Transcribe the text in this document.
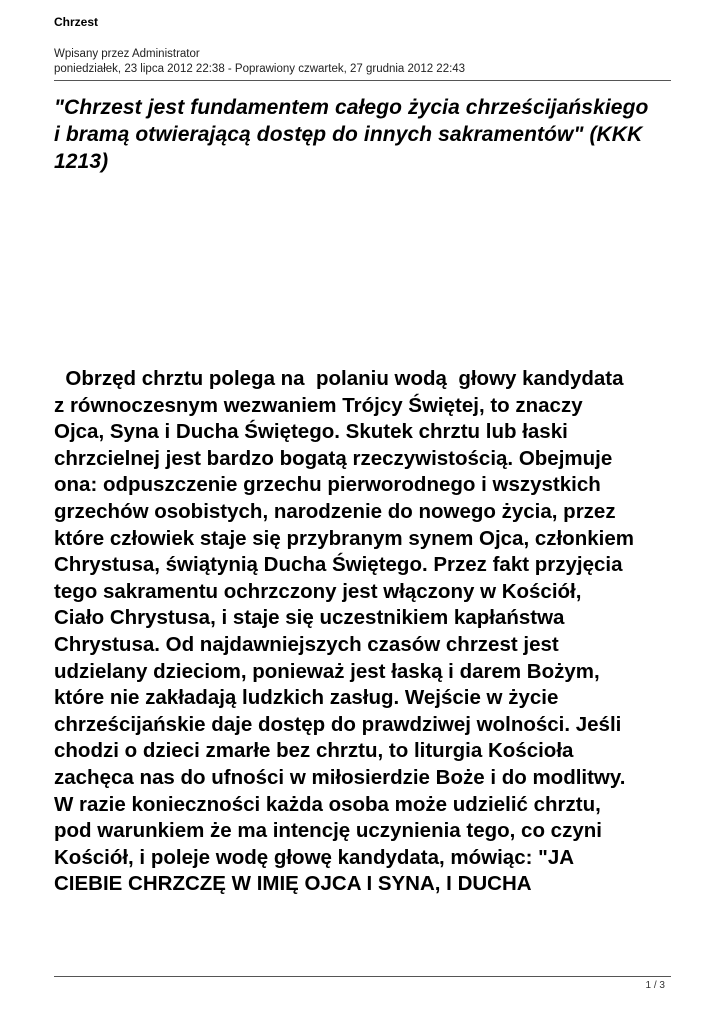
Chrzest
Wpisany przez Administrator
poniedziałek, 23 lipca 2012 22:38 - Poprawiony czwartek, 27 grudnia 2012 22:43
"Chrzest jest fundamentem całego życia chrześcijańskiego
i bramą otwierającą dostęp do innych sakramentów" (KKK
1213)
Obrzęd chrztu polega na  polaniu wodą  głowy kandydata
z równoczesnym wezwaniem Trójcy Świętej, to znaczy
Ojca, Syna i Ducha Świętego. Skutek chrztu lub łaski
chrzcielnej jest bardzo bogatą rzeczywistością. Obejmuje
ona: odpuszczenie grzechu pierworodnego i wszystkich
grzechów osobistych, narodzenie do nowego życia, przez
które człowiek staje się przybranym synem Ojca, członkiem
Chrystusa, świątynią Ducha Świętego. Przez fakt przyjęcia
tego sakramentu ochrzczony jest włączony w Kościół,
Ciało Chrystusa, i staje się uczestnikiem kapłaństwa
Chrystusa. Od najdawniejszych czasów chrzest jest
udzielany dzieciom, ponieważ jest łaską i darem Bożym,
które nie zakładają ludzkich zasług. Wejście w życie
chrześcijańskie daje dostęp do prawdziwej wolności. Jeśli
chodzi o dzieci zmarłe bez chrztu, to liturgia Kościoła
zachęca nas do ufności w miłosierdzie Boże i do modlitwy.
W razie konieczności każda osoba może udzielić chrztu,
pod warunkiem że ma intencję uczynienia tego, co czyni
Kościół, i poleje wodę głowę kandydata, mówiąc: "JA
CIEBIE CHRZCZĘ W IMIĘ OJCA I SYNA, I DUCHA
1 / 3
